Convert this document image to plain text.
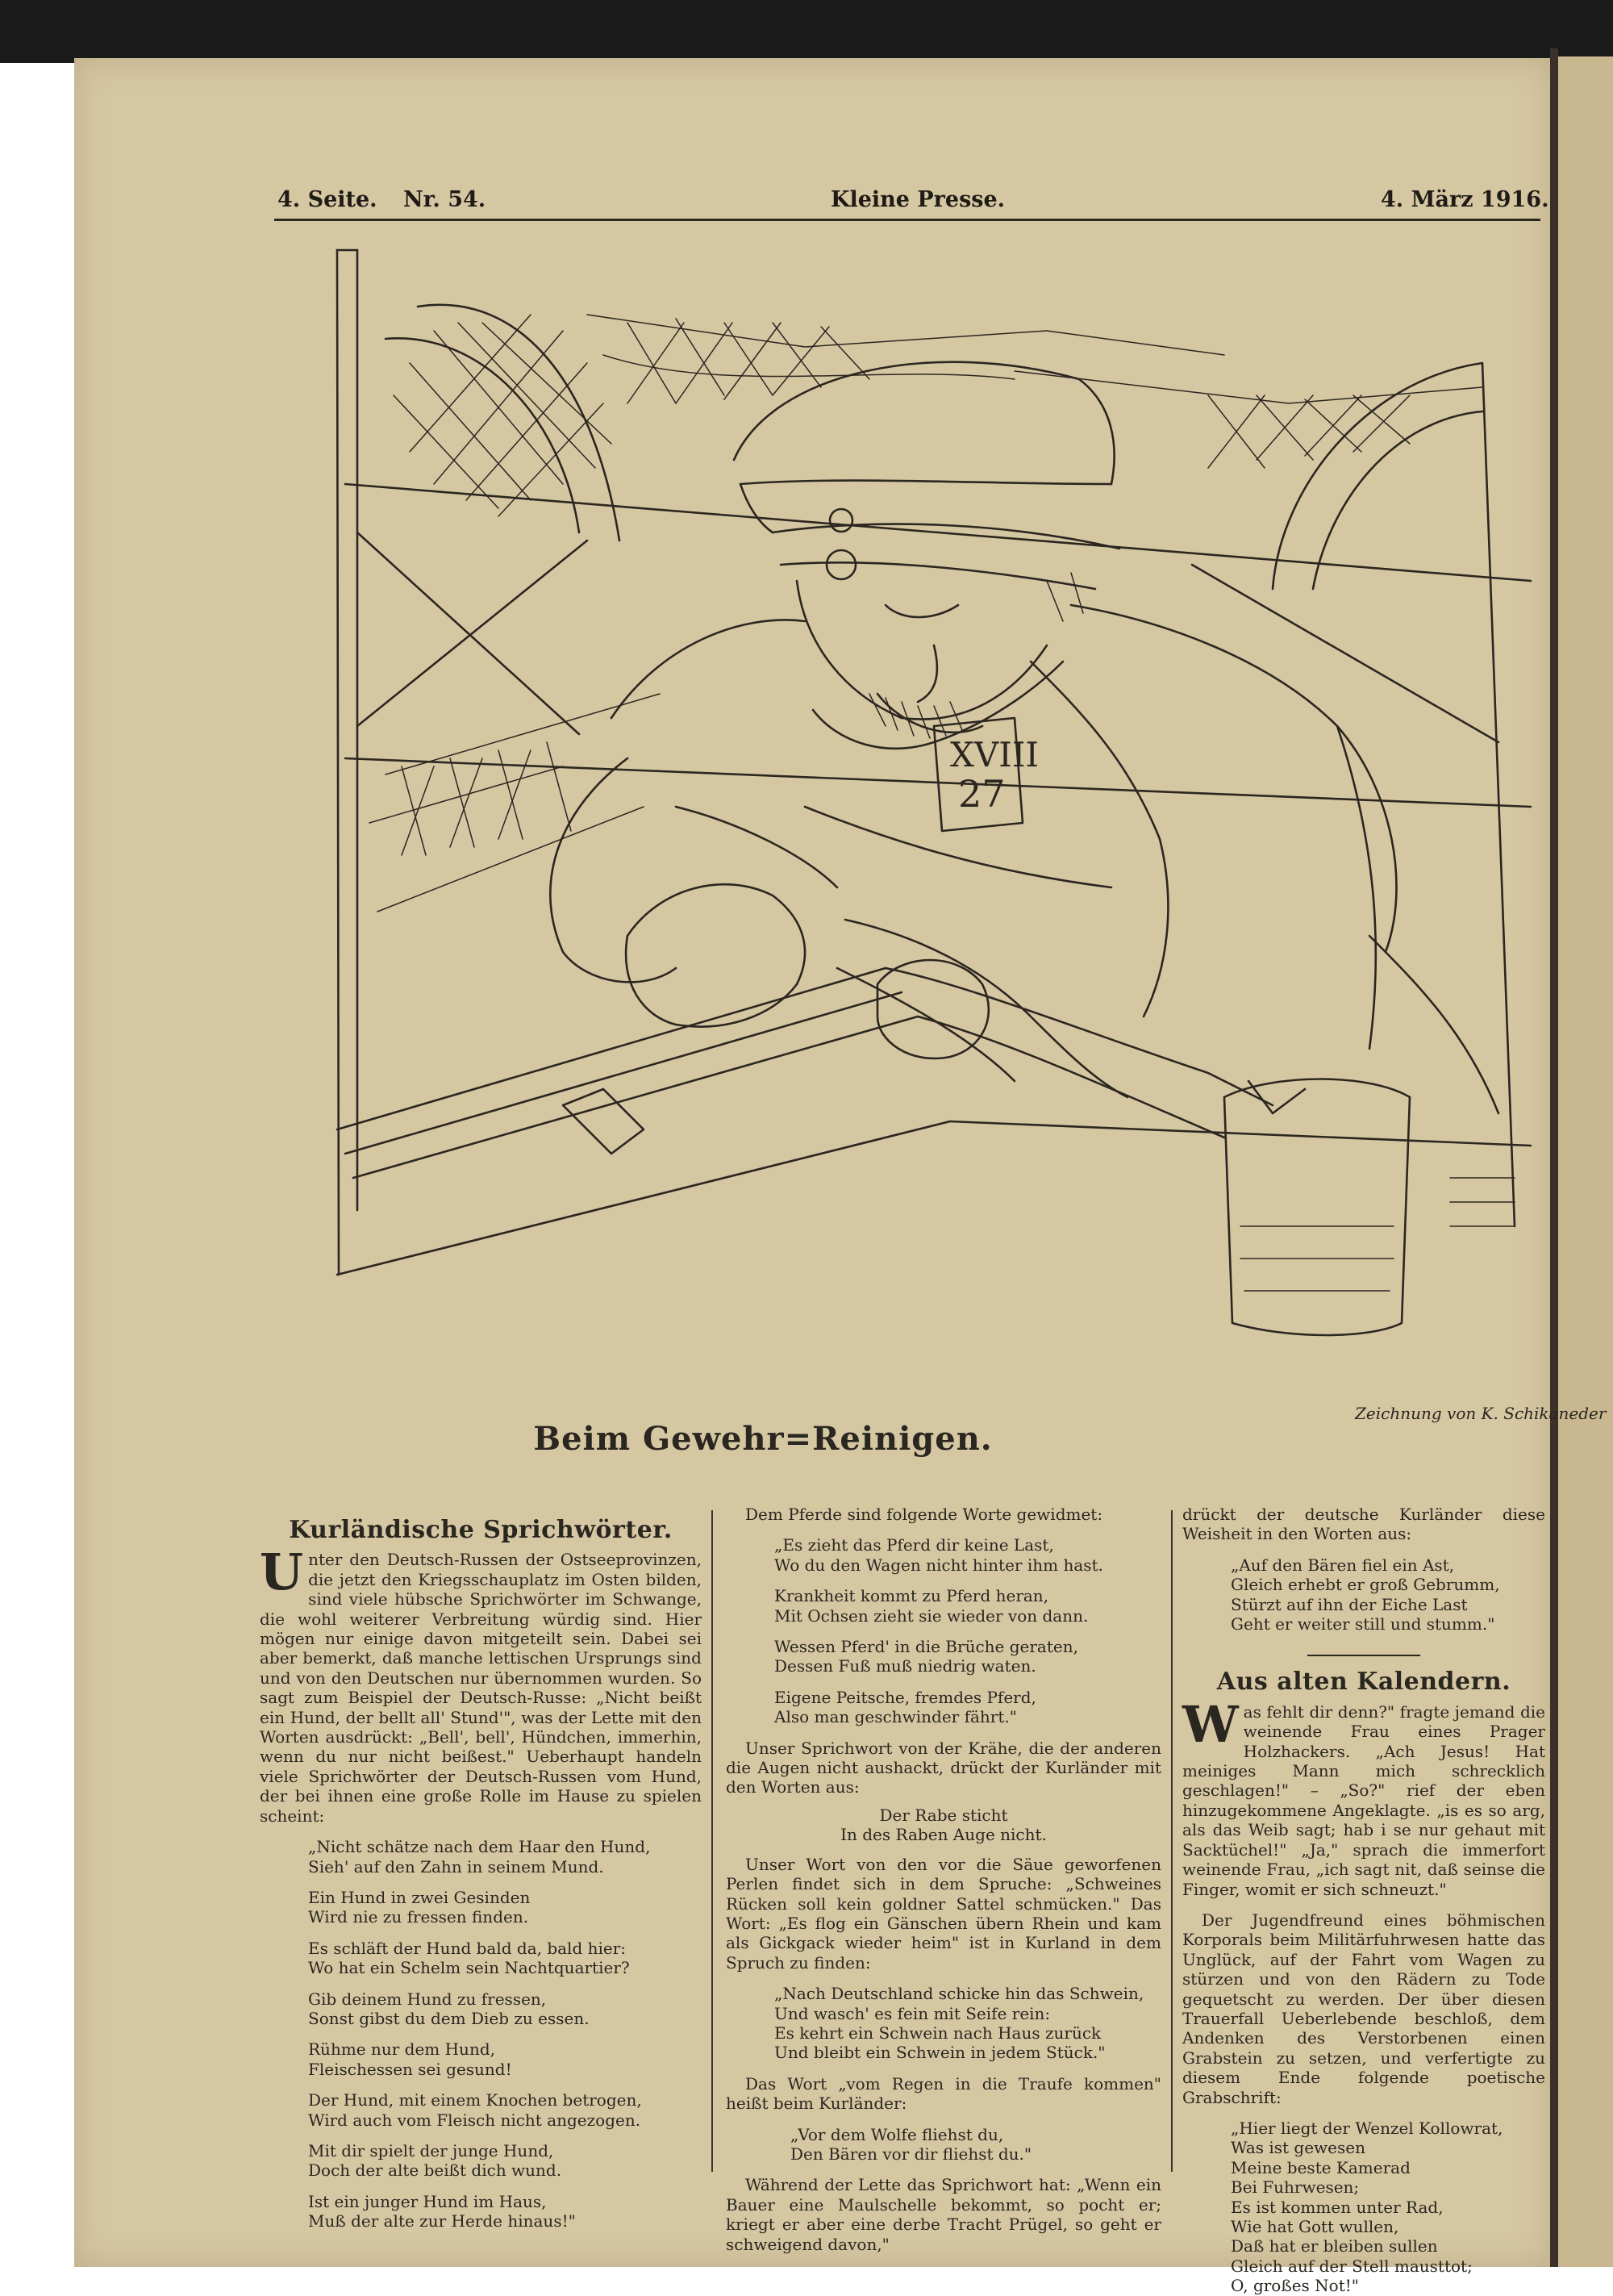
4. Seite. Nr. 54.	Kleine Presse.	4. März 1916.
XVIII
27
Zeichnung von K. Schikaneder
Beim Gewehr=Reinigen.
Kurländische Sprichwörter.

Unter den Deutsch-Russen der Ostseeprovinzen, die jetzt den Kriegsschauplatz im Osten bilden, sind viele hübsche Sprichwörter im Schwange, die wohl weiterer Verbreitung würdig sind. Hier mögen nur einige davon mitgeteilt sein. Dabei sei aber bemerkt, daß manche lettischen Ursprungs sind und von den Deutschen nur übernommen wurden. So sagt zum Beispiel der Deutsch-Russe: „Nicht beißt ein Hund, der bellt all' Stund'", was der Lette mit den Worten ausdrückt: „Bell', bell', Hündchen, immerhin, wenn du nur nicht beißest." Ueberhaupt handeln viele Sprichwörter der Deutsch-Russen vom Hund, der bei ihnen eine große Rolle im Hause zu spielen scheint:

„Nicht schätze nach dem Haar den Hund,
Sieh' auf den Zahn in seinem Mund.

Ein Hund in zwei Gesinden
Wird nie zu fressen finden.

Es schläft der Hund bald da, bald hier:
Wo hat ein Schelm sein Nachtquartier?

Gib deinem Hund zu fressen,
Sonst gibst du dem Dieb zu essen.

Rühme nur dem Hund,
Fleischessen sei gesund!

Der Hund, mit einem Knochen betrogen,
Wird auch vom Fleisch nicht angezogen.

Mit dir spielt der junge Hund,
Doch der alte beißt dich wund.

Ist ein junger Hund im Haus,
Muß der alte zur Herde hinaus!"

Dem Pferde sind folgende Worte gewidmet:

„Es zieht das Pferd dir keine Last,
Wo du den Wagen nicht hinter ihm hast.

Krankheit kommt zu Pferd heran,
Mit Ochsen zieht sie wieder von dann.

Wessen Pferd' in die Brüche geraten,
Dessen Fuß muß niedrig waten.

Eigene Peitsche, fremdes Pferd,
Also man geschwinder fährt."

Unser Sprichwort von der Krähe, die der anderen die Augen nicht aushackt, drückt der Kurländer mit den Worten aus:

Der Rabe sticht
In des Raben Auge nicht.

Unser Wort von den vor die Säue geworfenen Perlen findet sich in dem Spruche: „Schweines Rücken soll kein goldner Sattel schmücken." Das Wort: „Es flog ein Gänschen übern Rhein und kam als Gickgack wieder heim" ist in Kurland in dem Spruch zu finden:

„Nach Deutschland schicke hin das Schwein,
Und wasch' es fein mit Seife rein:
Es kehrt ein Schwein nach Haus zurück
Und bleibt ein Schwein in jedem Stück."

Das Wort „vom Regen in die Traufe kommen" heißt beim Kurländer:

„Vor dem Wolfe fliehst du,
Den Bären vor dir fliehst du."

Während der Lette das Sprichwort hat: „Wenn ein Bauer eine Maulschelle bekommt, so pocht er; kriegt er aber eine derbe Tracht Prügel, so geht er schweigend davon,"

drückt der deutsche Kurländer diese Weisheit in den Worten aus:

„Auf den Bären fiel ein Ast,
Gleich erhebt er groß Gebrumm,
Stürzt auf ihn der Eiche Last
Geht er weiter still und stumm."

Aus alten Kalendern.

Was fehlt dir denn?" fragte jemand die weinende Frau eines Prager Holzhackers. „Ach Jesus! Hat meiniges Mann mich schrecklich geschlagen!" – „So?" rief der eben hinzugekommene Angeklagte. „is es so arg, als das Weib sagt; hab i se nur gehaut mit Sacktüchel!" „Ja," sprach die immerfort weinende Frau, „ich sagt nit, daß seinse die Finger, womit er sich schneuzt."

Der Jugendfreund eines böhmischen Korporals beim Militärfuhrwesen hatte das Unglück, auf der Fahrt vom Wagen zu stürzen und von den Rädern zu Tode gequetscht zu werden. Der über diesen Trauerfall Ueberlebende beschloß, dem Andenken des Verstorbenen einen Grabstein zu setzen, und verfertigte zu diesem Ende folgende poetische Grabschrift:

„Hier liegt der Wenzel Kollowrat,
Was ist gewesen
Meine beste Kamerad
Bei Fuhrwesen;
Es ist kommen unter Rad,
Wie hat Gott wullen,
Daß hat er bleiben sullen
Gleich auf der Stell mausttot;
O, großes Not!"
